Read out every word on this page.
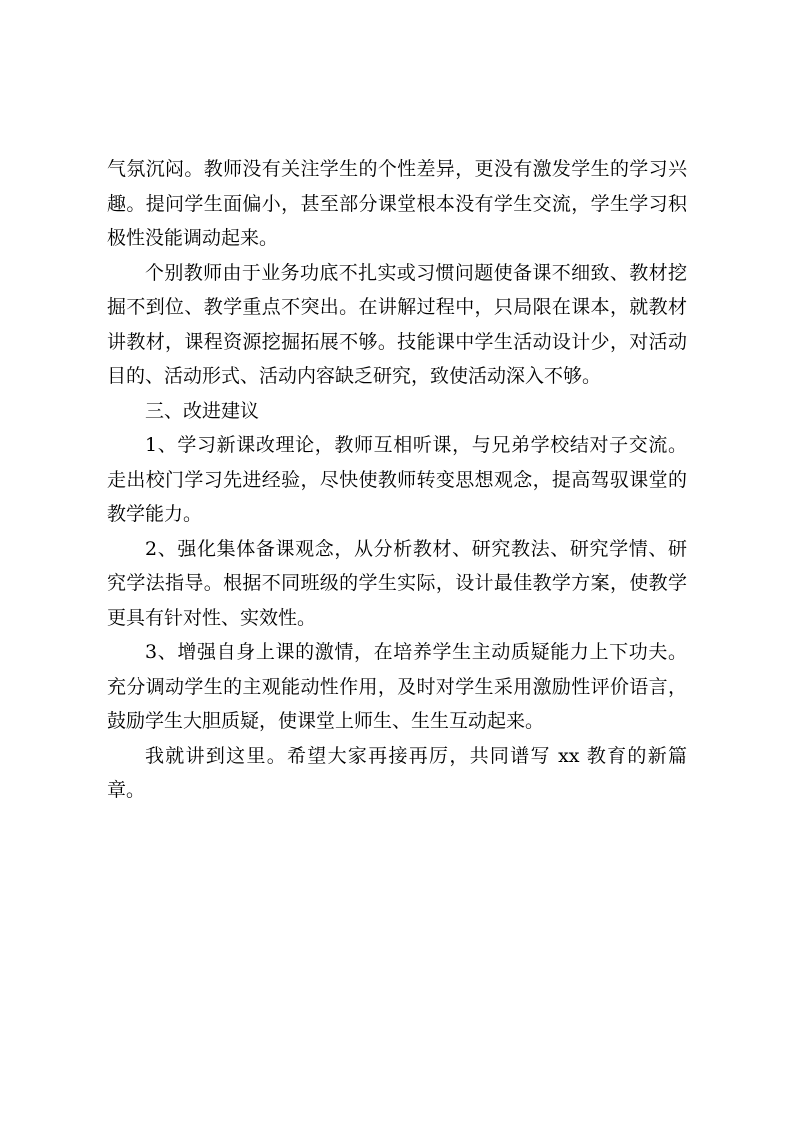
气氛沉闷。教师没有关注学生的个性差异，更没有激发学生的学习兴趣。提问学生面偏小，甚至部分课堂根本没有学生交流，学生学习积极性没能调动起来。

个别教师由于业务功底不扎实或习惯问题使备课不细致、教材挖掘不到位、教学重点不突出。在讲解过程中，只局限在课本，就教材讲教材，课程资源挖掘拓展不够。技能课中学生活动设计少，对活动目的、活动形式、活动内容缺乏研究，致使活动深入不够。

三、改进建议

1、学习新课改理论，教师互相听课，与兄弟学校结对子交流。走出校门学习先进经验，尽快使教师转变思想观念，提高驾驭课堂的教学能力。

2、强化集体备课观念，从分析教材、研究教法、研究学情、研究学法指导。根据不同班级的学生实际，设计最佳教学方案，使教学更具有针对性、实效性。

3、增强自身上课的激情，在培养学生主动质疑能力上下功夫。充分调动学生的主观能动性作用，及时对学生采用激励性评价语言，鼓励学生大胆质疑，使课堂上师生、生生互动起来。

我就讲到这里。希望大家再接再厉，共同谱写 xx 教育的新篇章。
